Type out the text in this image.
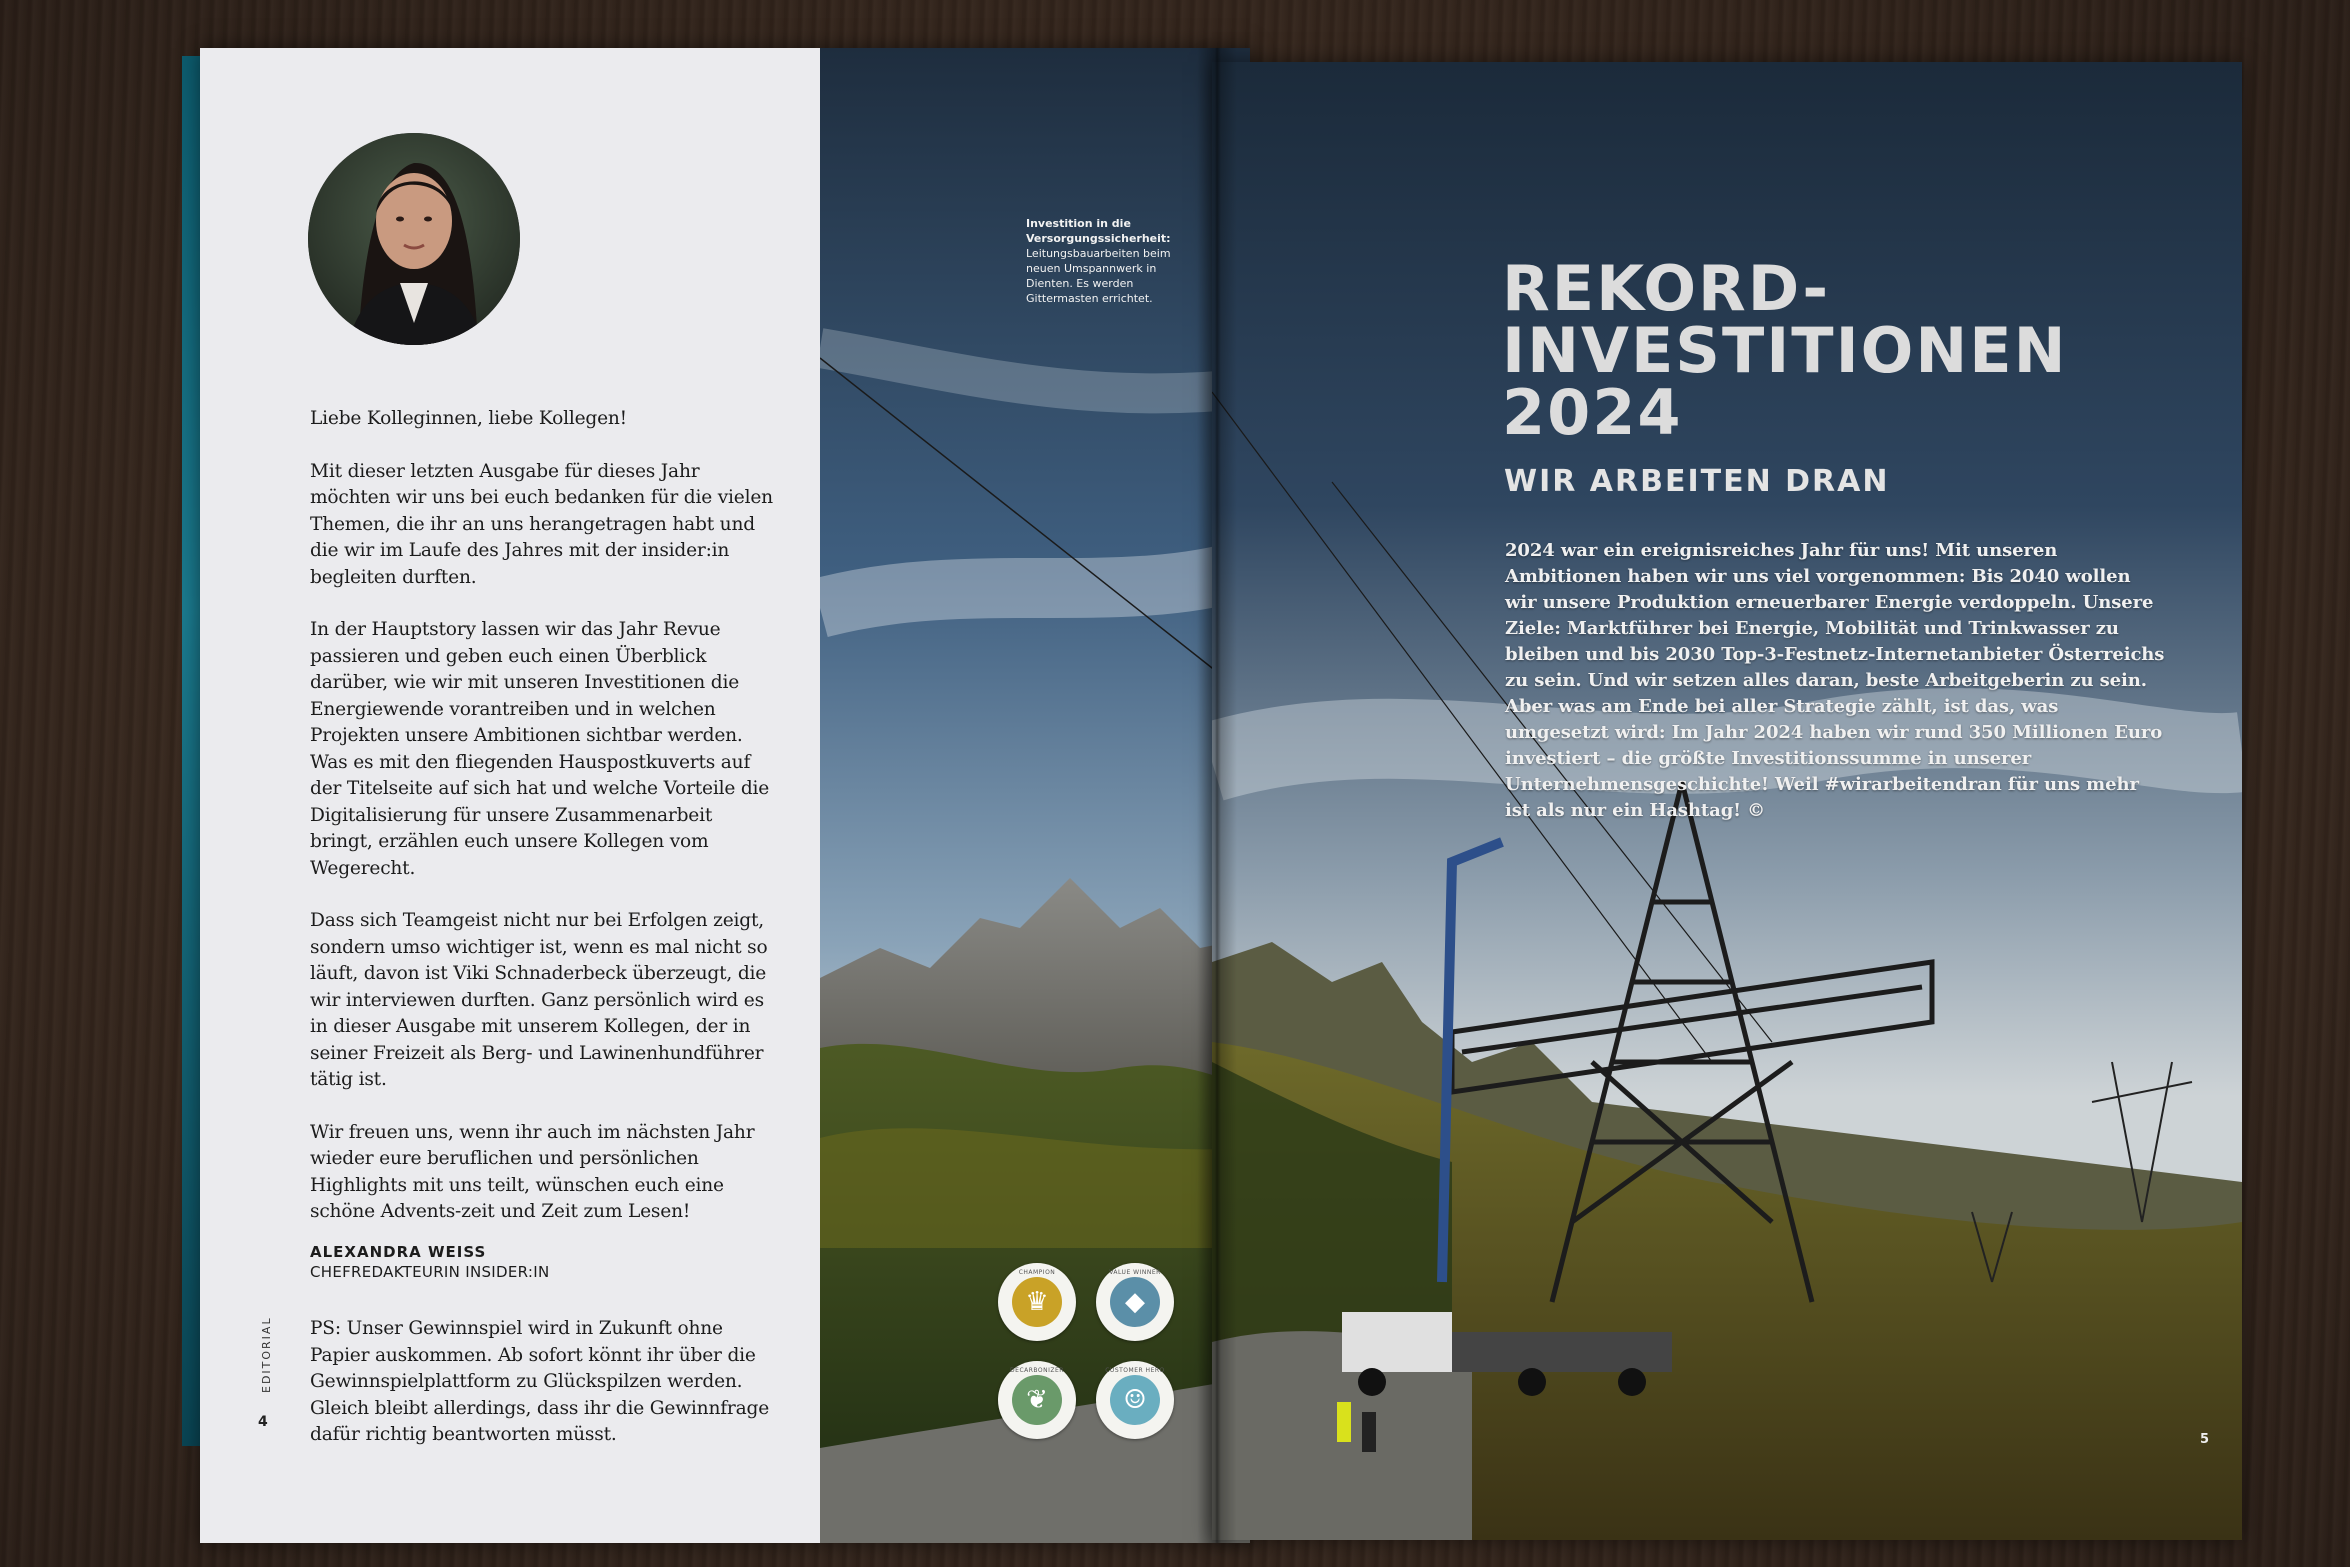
Liebe Kolleginnen, liebe Kollegen!

Mit dieser letzten Ausgabe für dieses Jahr möchten wir uns bei euch bedanken für die vielen Themen, die ihr an uns herangetragen habt und die wir im Laufe des Jahres mit der insider:in begleiten durften.

In der Hauptstory lassen wir das Jahr Revue passieren und geben euch einen Überblick darüber, wie wir mit unseren Investitionen die Energiewende vorantreiben und in welchen Projekten unsere Ambitionen sichtbar werden. Was es mit den fliegenden Hauspostkuverts auf der Titelseite auf sich hat und welche Vorteile die Digitalisierung für unsere Zusammenarbeit bringt, erzählen euch unsere Kollegen vom Wegerecht.

Dass sich Teamgeist nicht nur bei Erfolgen zeigt, sondern umso wichtiger ist, wenn es mal nicht so läuft, davon ist Viki Schnaderbeck überzeugt, die wir interviewen durften. Ganz persönlich wird es in dieser Ausgabe mit unserem Kollegen, der in seiner Freizeit als Berg- und Lawinenhundführer tätig ist.

Wir freuen uns, wenn ihr auch im nächsten Jahr wieder eure beruflichen und persönlichen Highlights mit uns teilt, wünschen euch eine schöne Advents-zeit und Zeit zum Lesen!

ALEXANDRA WEISS
CHEFREDAKTEURIN INSIDER:IN
PS: Unser Gewinnspiel wird in Zukunft ohne Papier auskommen. Ab sofort könnt ihr über die Gewinnspielplattform zu Glückspilzen werden. Gleich bleibt allerdings, dass ihr die Gewinnfrage dafür richtig beantworten müsst.
EDITORIAL
4
Investition in die Versorgungssicherheit:
Leitungsbauarbeiten beim neuen Umspannwerk in Dienten. Es werden Gittermasten errichtet.
♛
CHAMPION
◆
VALUE WINNER
❦
DECARBONIZER
☺
CUSTOMER HERO
REKORD-
INVESTITIONEN
2024
WIR ARBEITEN DRAN
2024 war ein ereignisreiches Jahr für uns! Mit unseren Ambitionen haben wir uns viel vorgenommen: Bis 2040 wollen wir unsere Produktion erneuerbarer Energie verdoppeln. Unsere Ziele: Marktführer bei Energie, Mobilität und Trinkwasser zu bleiben und bis 2030 Top-3-Festnetz-Internetanbieter Österreichs zu sein. Und wir setzen alles daran, beste Arbeitgeberin zu sein. Aber was am Ende bei aller Strategie zählt, ist das, was umgesetzt wird: Im Jahr 2024 haben wir rund 350 Millionen Euro investiert – die größte Investitionssumme in unserer Unternehmensgeschichte! Weil #wirarbeitendran für uns mehr ist als nur ein Hashtag! ©
5
